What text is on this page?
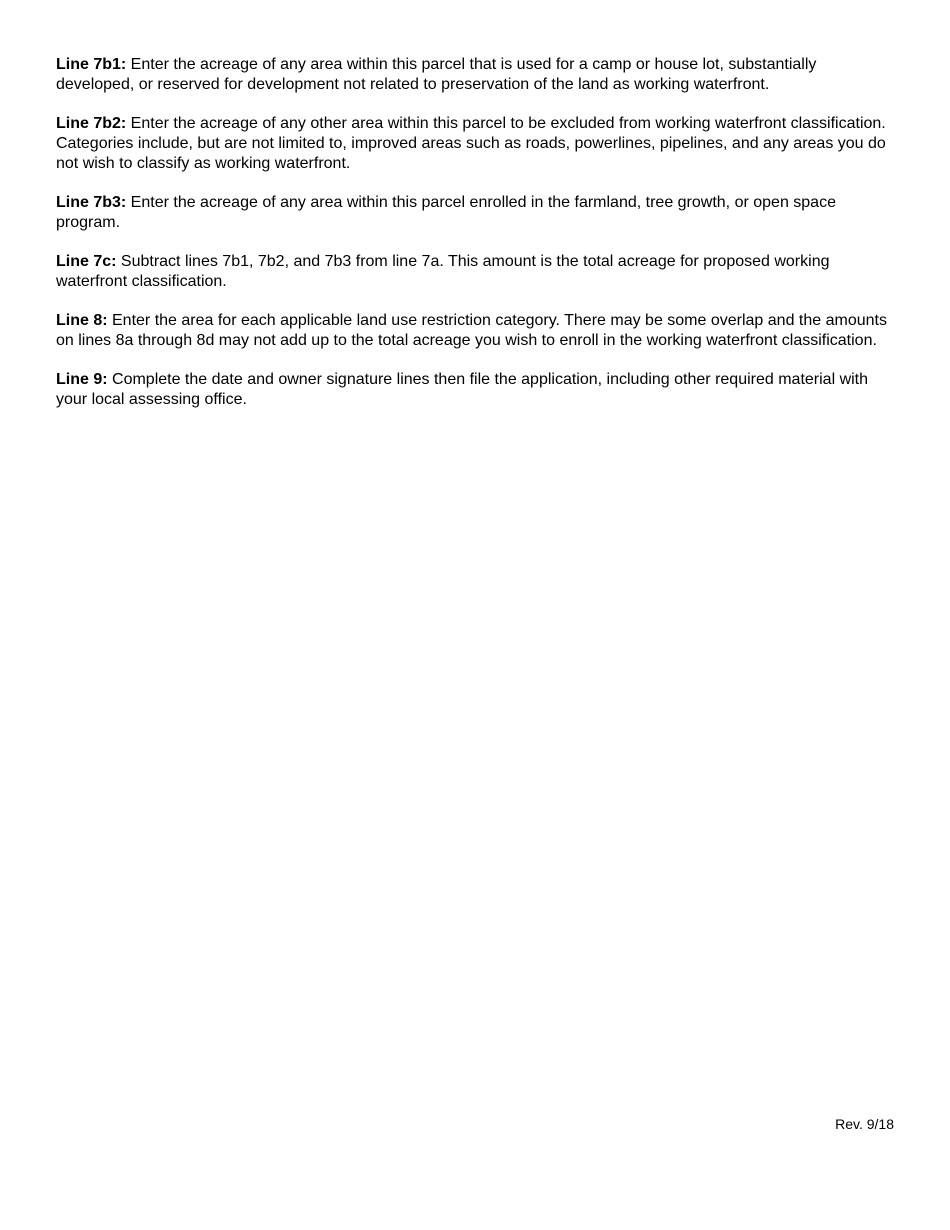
Line 7b1: Enter the acreage of any area within this parcel that is used for a camp or house lot, substantially developed, or reserved for development not related to preservation of the land as working waterfront.

Line 7b2: Enter the acreage of any other area within this parcel to be excluded from working waterfront classification. Categories include, but are not limited to, improved areas such as roads, powerlines, pipelines, and any areas you do not wish to classify as working waterfront.

Line 7b3: Enter the acreage of any area within this parcel enrolled in the farmland, tree growth, or open space program.

Line 7c: Subtract lines 7b1, 7b2, and 7b3 from line 7a. This amount is the total acreage for proposed working waterfront classification.

Line 8: Enter the area for each applicable land use restriction category. There may be some overlap and the amounts on lines 8a through 8d may not add up to the total acreage you wish to enroll in the working waterfront classification.

Line 9: Complete the date and owner signature lines then file the application, including other required material with your local assessing office.

Rev. 9/18
